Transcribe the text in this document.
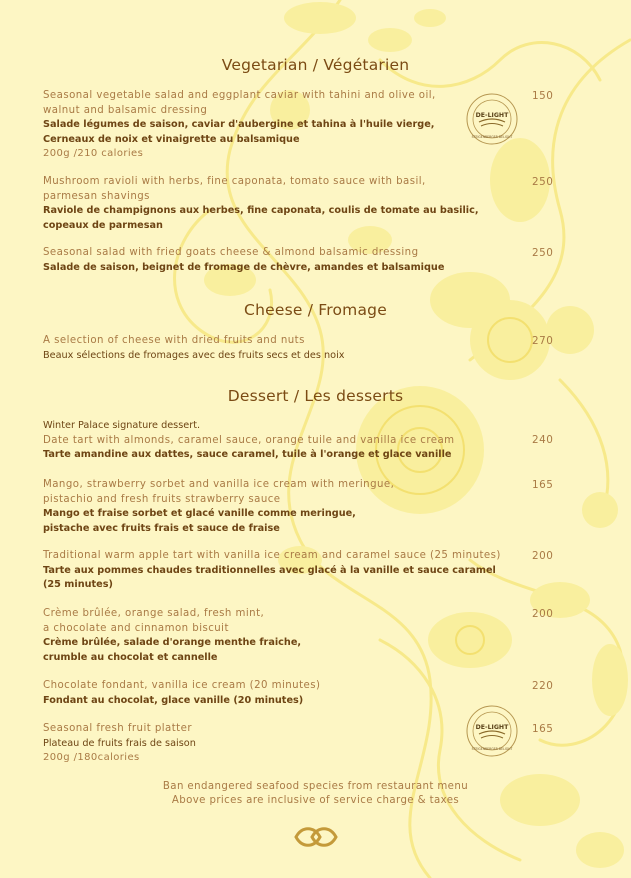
Vegetarian / Végétarien
Seasonal vegetable salad and eggplant caviar with tahini and olive oil,
walnut and balsamic dressing
Salade légumes de saison, caviar d'aubergine et tahina à l'huile vierge,
Cerneaux de noix et vinaigrette au balsamique
200g /210 calories
150
Mushroom ravioli with herbs, fine caponata, tomato sauce with basil,
parmesan shavings
Raviole de champignons aux herbes, fine caponata, coulis de tomate au basilic,
copeaux de parmesan
250
Seasonal salad with fried goats cheese & almond balsamic dressing
Salade de saison, beignet de fromage de chèvre, amandes et balsamique
250
Cheese / Fromage
A selection of cheese with dried fruits and nuts
Beaux sélections de fromages avec des fruits secs et des noix
270
Dessert / Les desserts
Winter Palace signature dessert.
Date tart with almonds, caramel sauce, orange tuile and vanilla ice cream
Tarte amandine aux dattes, sauce caramel, tuile à l'orange et glace vanille
240
Mango, strawberry sorbet and vanilla ice cream with meringue,
pistachio and fresh fruits strawberry sauce
Mango et fraise sorbet et glacé vanille comme meringue,
pistache avec fruits frais et sauce de fraise
165
Traditional warm apple tart with vanilla ice cream and caramel sauce (25 minutes)
Tarte aux pommes chaudes traditionnelles avec glacé à la vanille et sauce caramel
(25 minutes)
200
Crème brûlée, orange salad, fresh mint,
a chocolate and cinnamon biscuit
Crème brûlée, salade d'orange menthe fraiche,
crumble au chocolat et cannelle
200
Chocolate fondant, vanilla ice cream (20 minutes)
Fondant au chocolat, glace vanille (20 minutes)
220
Seasonal fresh fruit platter
Plateau de fruits frais de saison
200g /180calories
165
DE-LIGHT
STEIGENBERGER DELIGHT
DE-LIGHT
STEIGENBERGER DELIGHT
Ban endangered seafood species from restaurant menu
Above prices are inclusive of service charge & taxes
